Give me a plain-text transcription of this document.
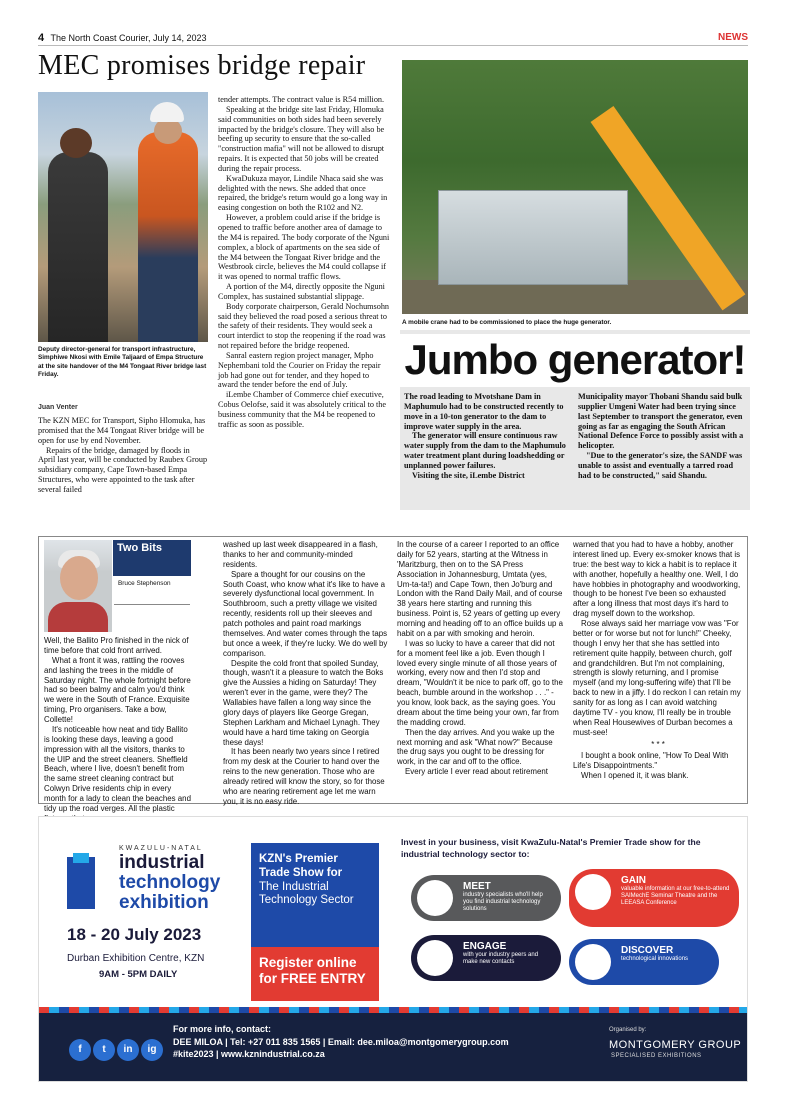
4 The North Coast Courier, July 14, 2023	NEWS
MEC promises bridge repair
Deputy director-general for transport infrastructure, Simphiwe Nkosi with Emile Taljaard of Empa Structure at the site handover of the M4 Tongaat River bridge last Friday.
Juan Venter

The KZN MEC for Transport, Sipho Hlomuka, has promised that the M4 Tongaat River bridge will be open for use by end November.

Repairs of the bridge, damaged by floods in April last year, will be conducted by Raubex Group subsidiary company, Cape Town-based Empa Structures, who were appointed to the task after several failed

tender attempts. The contract value is R54 million.

Speaking at the bridge site last Friday, Hlomuka said communities on both sides had been severely impacted by the bridge's closure. They will also be beefing up security to ensure that the so-called "construction mafia" will not be allowed to disrupt repairs. It is expected that 50 jobs will be created during the repair process.

KwaDukuza mayor, Lindile Nhaca said she was delighted with the news. She added that once repaired, the bridge's return would go a long way in easing congestion on both the R102 and N2.

However, a problem could arise if the bridge is opened to traffic before another area of damage to the M4 is repaired. The body corporate of the Nguni complex, a block of apartments on the sea side of the M4 between the Tongaat River bridge and the Westbrook circle, believes the M4 could collapse if it was opened to normal traffic flows.

A portion of the M4, directly opposite the Nguni Complex, has sustained substantial slippage.

Body corporate chairperson, Gerald Nochumsohn said they believed the road posed a serious threat to the safety of their residents. They would seek a court interdict to stop the reopening if the road was not repaired before the bridge reopened.

Sanral eastern region project manager, Mpho Nephembani told the Courier on Friday the repair job had gone out for tender, and they hoped to award the tender before the end of July.

iLembe Chamber of Commerce chief executive, Cobus Oelofse, said it was absolutely critical to the business community that the M4 be reopened to traffic as soon as possible.

A mobile crane had to be commissioned to place the huge generator.
Jumbo generator!

The road leading to Mvotshane Dam in Maphumulo had to be constructed recently to move in a 10-ton generator to the dam to improve water supply in the area.

The generator will ensure continuous raw water supply from the dam to the Maphumulo water treatment plant during loadshedding or unplanned power failures.

Visiting the site, iLembe District

Municipality mayor Thobani Shandu said bulk supplier Umgeni Water had been trying since last September to transport the generator, even going as far as engaging the South African National Defence Force to possibly assist with a helicopter.

"Due to the generator's size, the SANDF was unable to assist and eventually a tarred road had to be constructed," said Shandu.

Two Bits
Bruce Stephenson

Well, the Ballito Pro finished in the nick of time before that cold front arrived.

What a front it was, rattling the rooves and lashing the trees in the middle of Saturday night. The whole fortnight before had so been balmy and calm you'd think we were in the South of France. Exquisite timing, Pro organisers. Take a bow, Collette!

It's noticeable how neat and tidy Ballito is looking these days, leaving a good impression with all the visitors, thanks to the UIP and the street cleaners. Sheffield Beach, where I live, doesn't benefit from the same street cleaning contract but Colwyn Drive residents chip in every month for a lady to clean the beaches and tidy up the road verges. All the plastic

washed up last week disappeared in a flash, thanks to her and community-minded residents.

Spare a thought for our cousins on the South Coast, who know what it's like to have a severely dysfunctional local government. In Southbroom, such a pretty village we visited recently, residents roll up their sleeves and patch potholes and paint road markings themselves. And water comes through the taps but once a week, if they're lucky. We do well by comparison.

Despite the cold front that spoiled Sunday, though, wasn't it a pleasure to watch the Boks give the Aussies a hiding on Saturday! They weren't ever in the game, were they? The Wallabies have fallen a long way since the glory days of players like George Gregan, Stephen Larkham and Michael Lynagh. They would have a hard time taking on Georgia these days!

It has been nearly two years since I retired from my desk at the Courier to hand over the reins to the new generation. Those who are already retired will know the story, so for those who are nearing retirement age let me warn you, it is no easy ride.

In the course of a career I reported to an office daily for 52 years, starting at the Witness in 'Maritzburg, then on to the SA Press Association in Johannesburg, Umtata (yes, Um-ta-ta!) and Cape Town, then Jo'burg and London with the Rand Daily Mail, and of course 38 years here starting and running this business. Point is, 52 years of getting up every morning and heading off to an office builds up a habit on a par with smoking and heroin.

I was so lucky to have a career that did not for a moment feel like a job. Even though I loved every single minute of all those years of working, every now and then I'd stop and dream, "Wouldn't it be nice to park off, go to the beach, bumble around in the workshop . . ." - you know, look back, as the saying goes. You dream about the time being your own, far from the madding crowd.

Then the day arrives. And you wake up the next morning and ask "What now?" Because the drug says you ought to be dressing for work, in the car and off to the office.

Every article I ever read about retirement

warned that you had to have a hobby, another interest lined up. Every ex-smoker knows that is true: the best way to kick a habit is to replace it with another, hopefully a healthy one. Well, I do have hobbies in photography and woodworking, though to be honest I've been so exhausted after a long illness that most days it's hard to drag myself down to the workshop.

Rose always said her marriage vow was "For better or for worse but not for lunch!" Cheeky, though I envy her that she has settled into retirement quite happily, between church, golf and grandchildren. But I'm not complaining, strength is slowly returning, and I promise myself (and my long-suffering wife) that I'll be back to new in a jiffy. I do reckon I can retain my sanity for as long as I can avoid watching daytime TV - you know, I'll really be in trouble when Real Housewives of Durban becomes a must-see!

* * *

I bought a book online, "How To Deal With Life's Disappointments."

When I opened it, it was blank.

KWAZULU-NATAL
industrial
technology
exhibition
18 - 20 July 2023
Durban Exhibition Centre, KZN
9AM - 5PM DAILY
KZN's Premier Trade Show for
The Industrial Technology Sector
Register online for FREE ENTRY
Invest in your business, visit KwaZulu-Natal's Premier Trade show for the industrial technology sector to:
MEET
industry specialists who'll help you find industrial technology solutions
GAIN
valuable information at our free-to-attend SAIMechE Seminar Theatre and the LEEASA Conference
ENGAGE
with your industry peers and make new contacts
DISCOVER
technological innovations
f	t	in	ig
For more info, contact:
DEE MILOA | Tel: +27 011 835 1565 | Email: dee.miloa@montgomerygroup.com
#kite2023 | www.kznindustrial.co.za
Organised by:
MONTGOMERY GROUP
SPECIALISED EXHIBITIONS
